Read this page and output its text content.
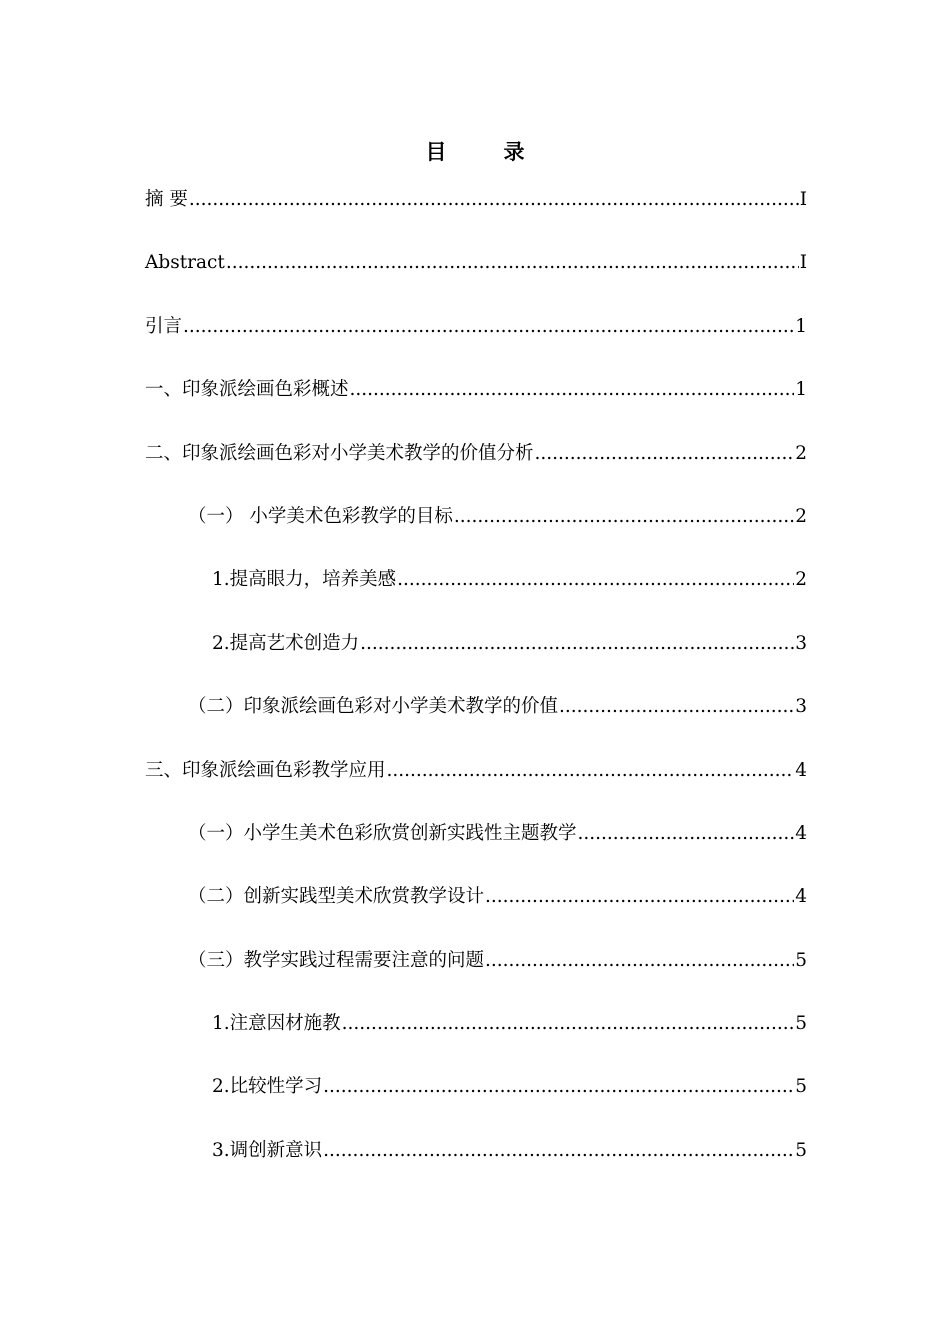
目　录
摘 要 .....	I
Abstract .....	I
引言 .....	1
一、印象派绘画色彩概述 .....	1
二、印象派绘画色彩对小学美术教学的价值分析 .....	2
（一） 小学美术色彩教学的目标 .....	2
1.提高眼力，培养美感 .....	2
2.提高艺术创造力 .....	3
（二）印象派绘画色彩对小学美术教学的价值 .....	3
三、印象派绘画色彩教学应用 .....	4
（一）小学生美术色彩欣赏创新实践性主题教学 .....	4
（二）创新实践型美术欣赏教学设计 .....	4
（三）教学实践过程需要注意的问题 .....	5
1.注意因材施教 .....	5
2.比较性学习 .....	5
3.调创新意识 .....	5
